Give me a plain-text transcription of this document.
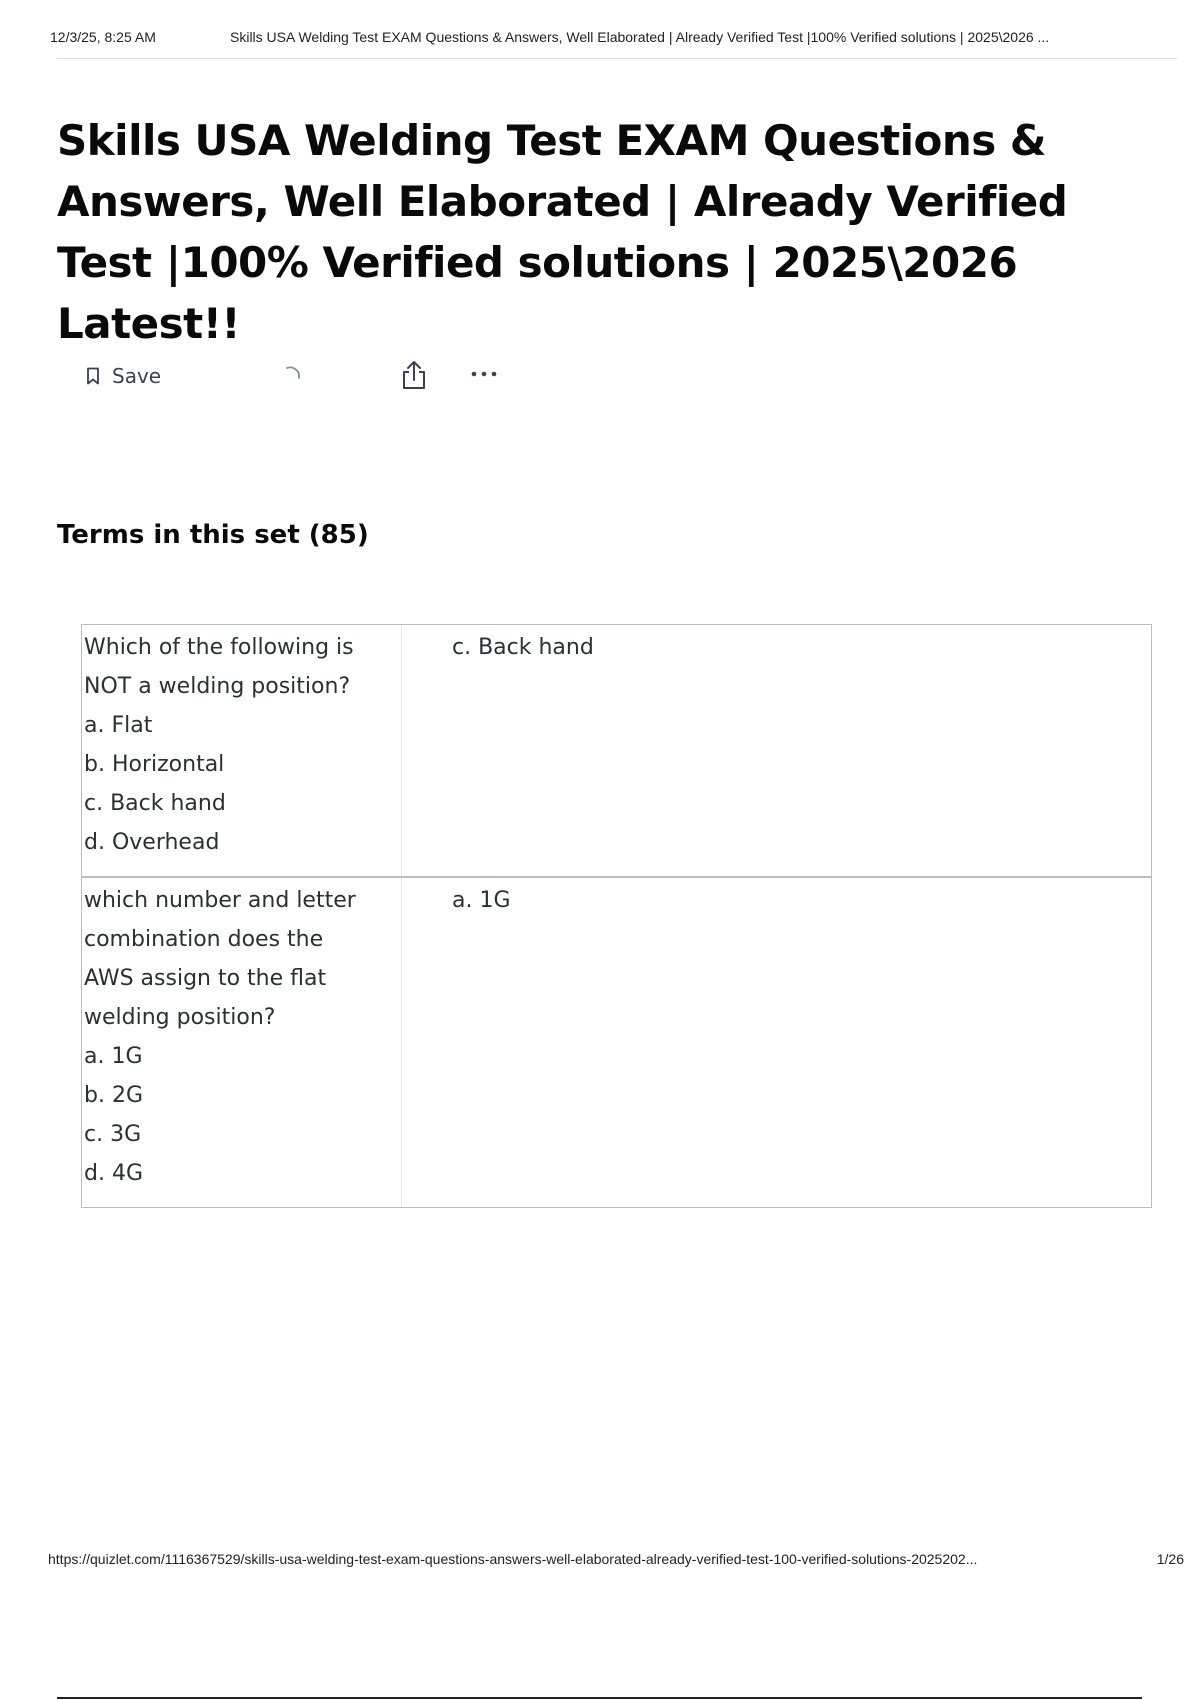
12/3/25, 8:25 AM	Skills USA Welding Test EXAM Questions & Answers, Well Elaborated | Already Verified Test |100% Verified solutions | 2025\2026 ...
Skills USA Welding Test EXAM Questions & Answers, Well Elaborated | Already Verified Test |100% Verified solutions | 2025\2026 Latest!!
Save
Terms in this set (85)
Which of the following is
NOT a welding position?
a. Flat
b. Horizontal
c. Back hand
d. Overhead
c. Back hand
which number and letter
combination does the
AWS assign to the flat
welding position?
a. 1G
b. 2G
c. 3G
d. 4G
a. 1G
https://quizlet.com/1116367529/skills-usa-welding-test-exam-questions-answers-well-elaborated-already-verified-test-100-verified-solutions-2025202...	1/26
